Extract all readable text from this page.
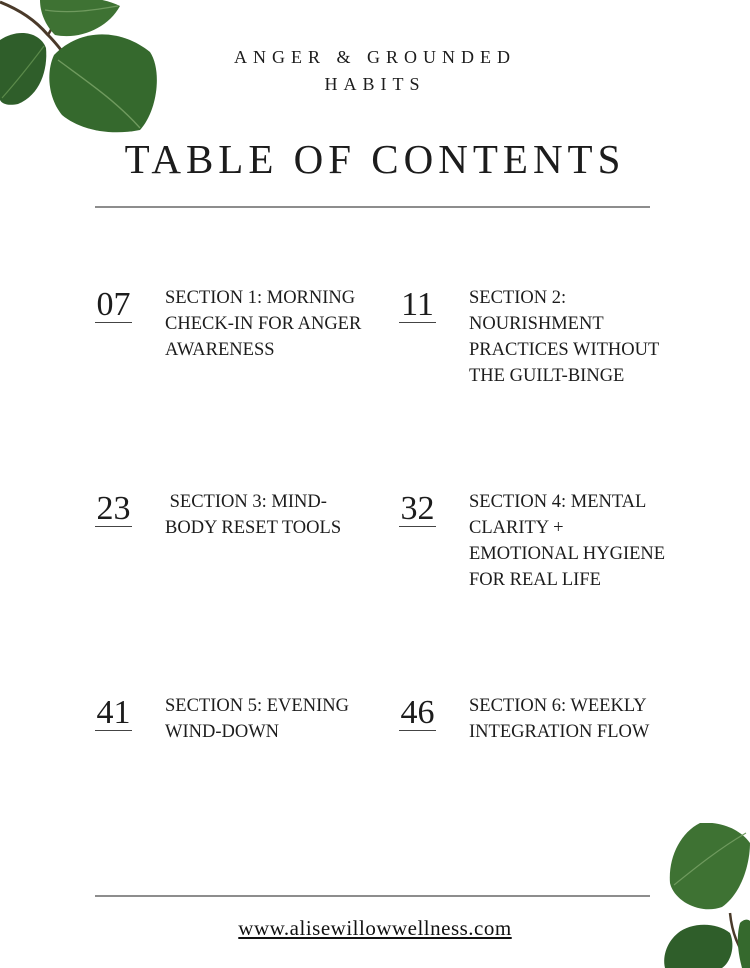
ANGER & GROUNDED
HABITS
TABLE OF CONTENTS
07 SECTION 1: MORNING CHECK-IN FOR ANGER AWARENESS
11 SECTION 2: NOURISHMENT PRACTICES WITHOUT THE GUILT-BINGE
23 SECTION 3: MIND-BODY RESET TOOLS
32 SECTION 4: MENTAL CLARITY + EMOTIONAL HYGIENE FOR REAL LIFE
41 SECTION 5: EVENING WIND-DOWN
46 SECTION 6: WEEKLY INTEGRATION FLOW
www.alisewillowwellness.com
